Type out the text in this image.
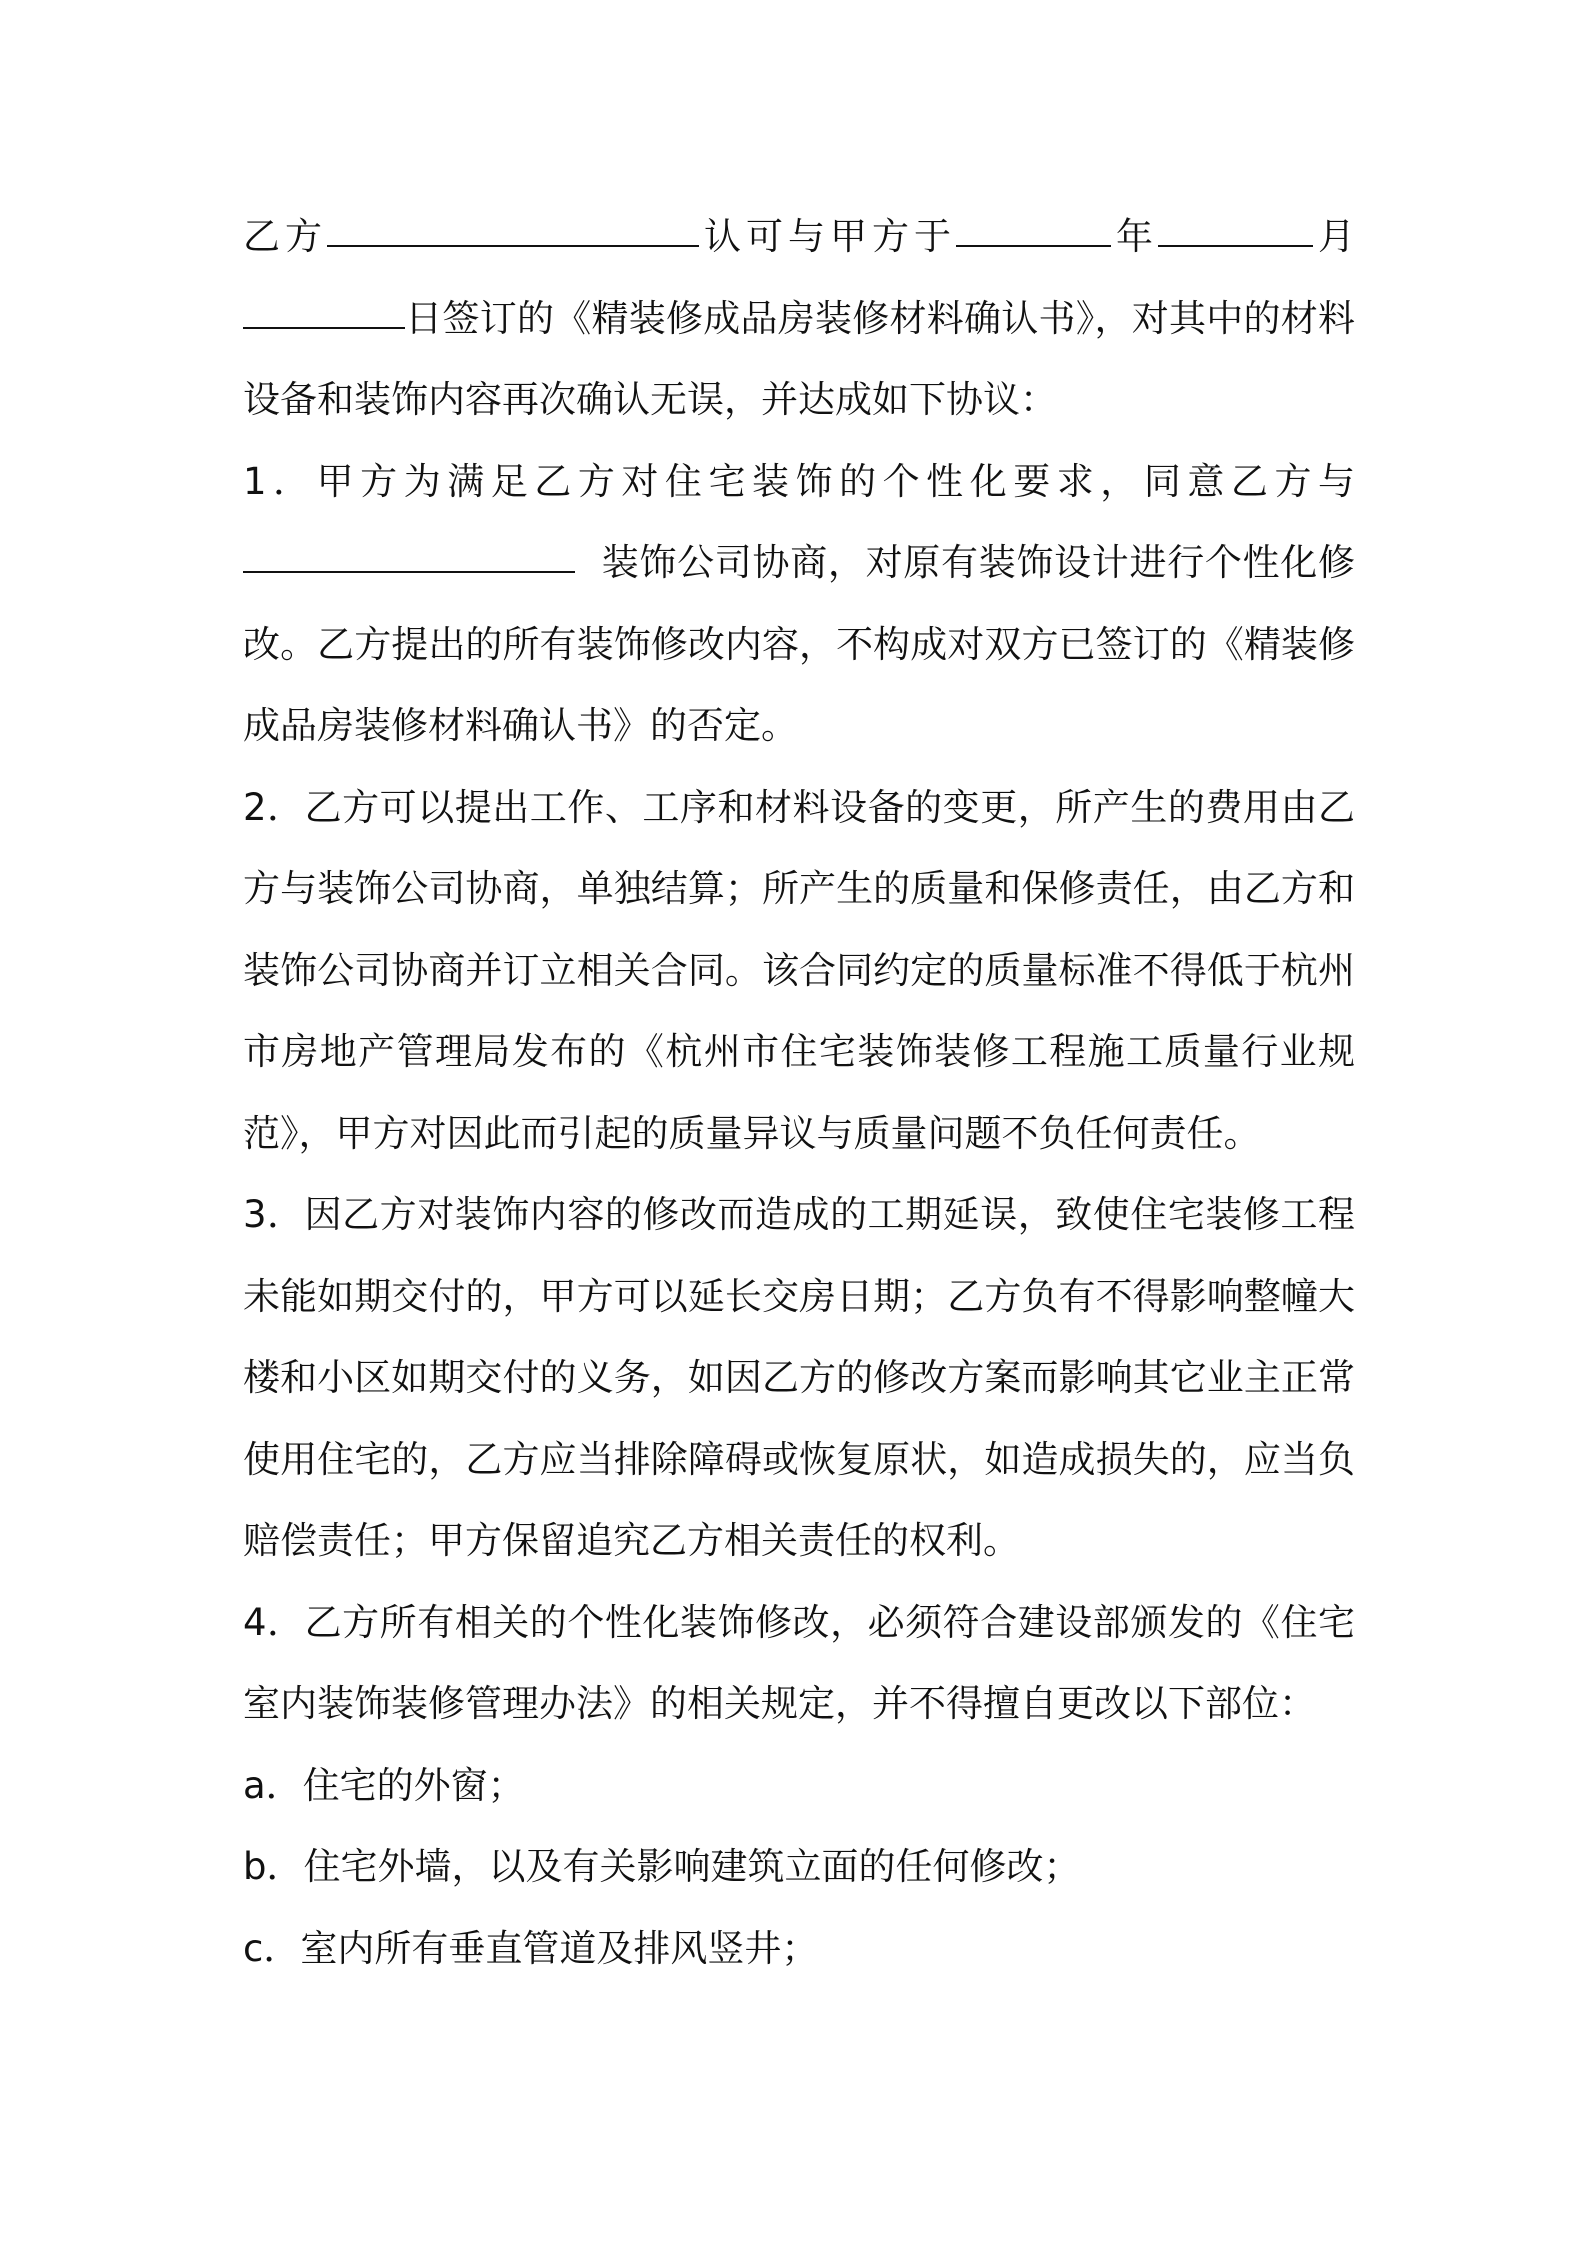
乙方	认可与甲方于	年	月
日签订的《精装修成品房装修材料确认书》，对其中的材料
设备和装饰内容再次确认无误，并达成如下协议：
1．甲方为满足乙方对住宅装饰的个性化要求，同意乙方与
装饰公司协商，对原有装饰设计进行个性化修
改。乙方提出的所有装饰修改内容，不构成对双方已签订的《精装修
成品房装修材料确认书》的否定。
2．乙方可以提出工作、工序和材料设备的变更，所产生的费用由乙
方与装饰公司协商，单独结算；所产生的质量和保修责任，由乙方和
装饰公司协商并订立相关合同。该合同约定的质量标准不得低于杭州
市房地产管理局发布的《杭州市住宅装饰装修工程施工质量行业规
范》，甲方对因此而引起的质量异议与质量问题不负任何责任。
3．因乙方对装饰内容的修改而造成的工期延误，致使住宅装修工程
未能如期交付的，甲方可以延长交房日期；乙方负有不得影响整幢大
楼和小区如期交付的义务，如因乙方的修改方案而影响其它业主正常
使用住宅的，乙方应当排除障碍或恢复原状，如造成损失的，应当负
赔偿责任；甲方保留追究乙方相关责任的权利。
4．乙方所有相关的个性化装饰修改，必须符合建设部颁发的《住宅
室内装饰装修管理办法》的相关规定，并不得擅自更改以下部位：
a．住宅的外窗；
b．住宅外墙，以及有关影响建筑立面的任何修改；
c．室内所有垂直管道及排风竖井；
